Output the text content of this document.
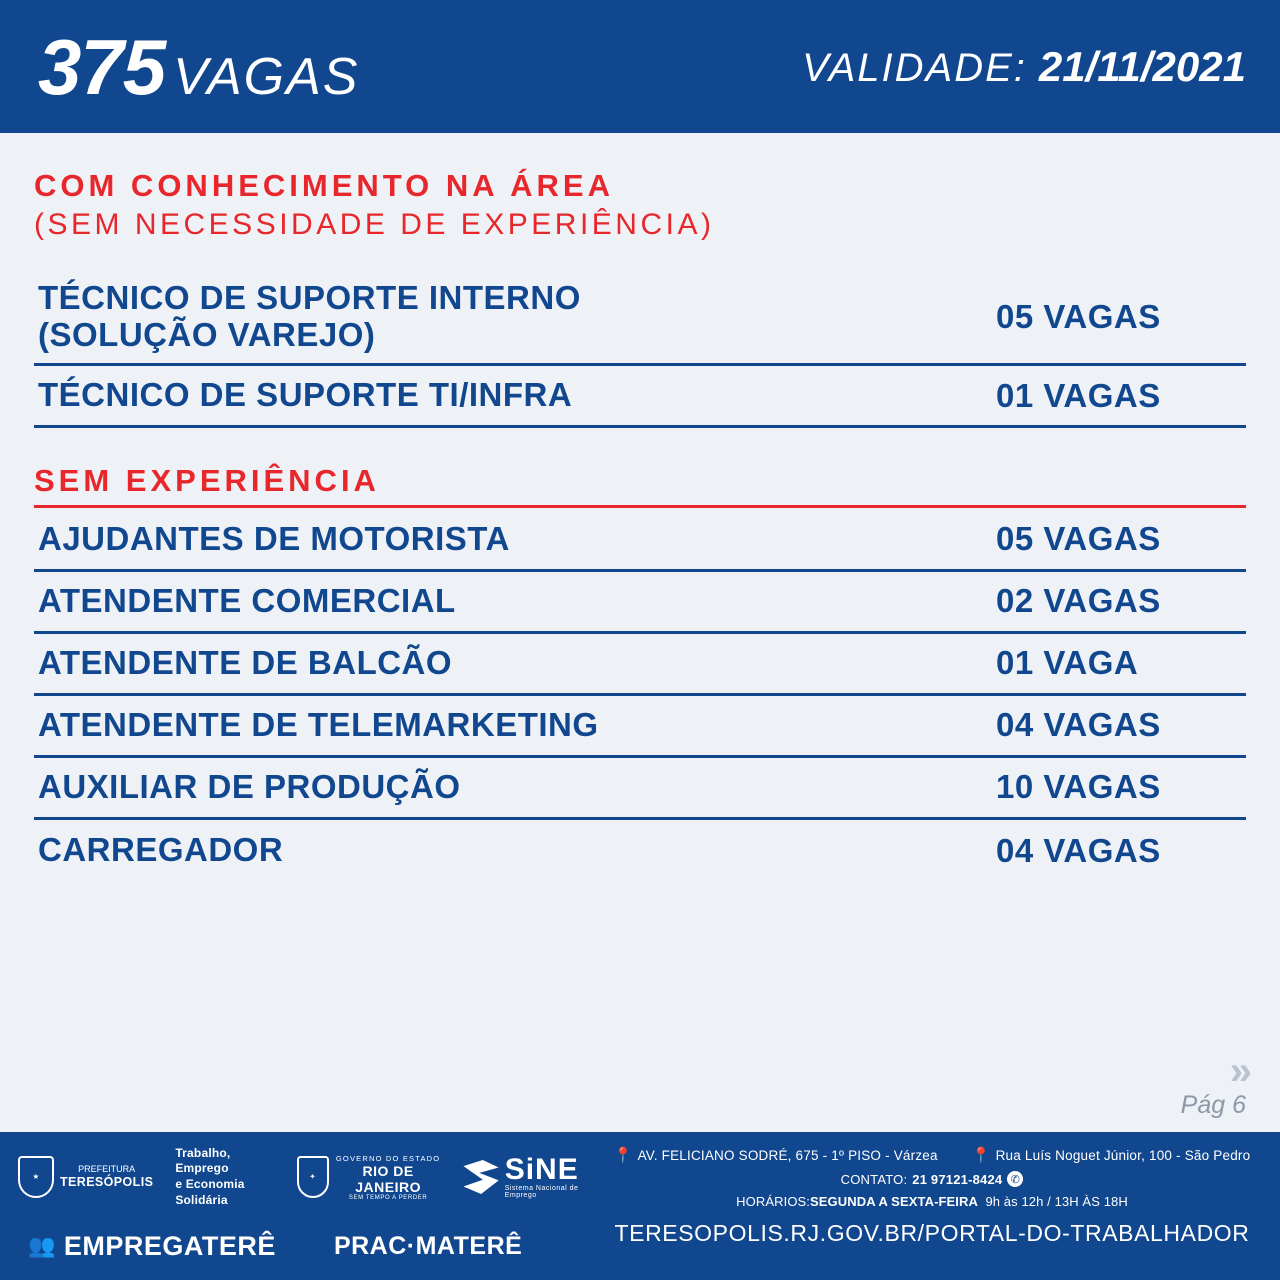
375 VAGAS	VALIDADE: 21/11/2021
COM CONHECIMENTO NA ÁREA
(SEM NECESSIDADE DE EXPERIÊNCIA)
TÉCNICO DE SUPORTE INTERNO
(SOLUÇÃO VAREJO)	05 VAGAS
TÉCNICO DE SUPORTE TI/INFRA	01 VAGAS
SEM EXPERIÊNCIA
AJUDANTES DE MOTORISTA	05 VAGAS
ATENDENTE COMERCIAL	02 VAGAS
ATENDENTE DE BALCÃO	01 VAGA
ATENDENTE DE TELEMARKETING	04 VAGAS
AUXILIAR DE PRODUÇÃO	10 VAGAS
CARREGADOR	04 VAGAS
»
Pág 6
★
PREFEITURA
TERESÓPOLIS
Trabalho, Emprego
e Economia
Solidária
✦
GOVERNO DO ESTADO
RIO DE JANEIRO
SEM TEMPO A PERDER
SiNE
Sistema Nacional de Emprego
👥 EMPREGATERÊ PRAC·MATERÊ
📍 AV. FELICIANO SODRÉ, 675 - 1º PISO - Várzea 📍 Rua Luís Noguet Júnior, 100 - São Pedro
CONTATO: 21 97121-8424 ✆
HORÁRIOS:SEGUNDA A SEXTA-FEIRA 9h às 12h / 13H ÀS 18H
TERESOPOLIS.RJ.GOV.BR/PORTAL-DO-TRABALHADOR
